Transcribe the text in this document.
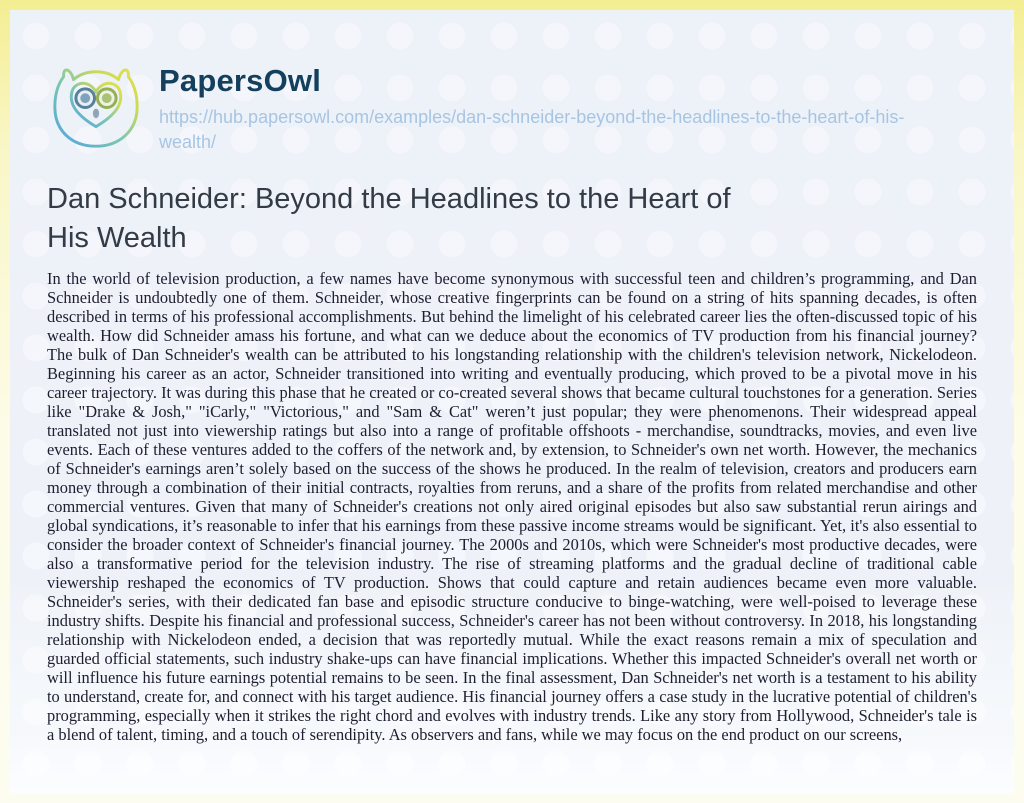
PapersOwl
https://hub.papersowl.com/examples/dan-schneider-beyond-the-headlines-to-the-heart-of-his-wealth/
Dan Schneider: Beyond the Headlines to the Heart of His Wealth

In the world of television production, a few names have become synonymous with successful teen and children’s programming, and Dan Schneider is undoubtedly one of them. Schneider, whose creative fingerprints can be found on a string of hits spanning decades, is often described in terms of his professional accomplishments. But behind the limelight of his celebrated career lies the often-discussed topic of his wealth. How did Schneider amass his fortune, and what can we deduce about the economics of TV production from his financial journey? The bulk of Dan Schneider's wealth can be attributed to his longstanding relationship with the children's television network, Nickelodeon. Beginning his career as an actor, Schneider transitioned into writing and eventually producing, which proved to be a pivotal move in his career trajectory. It was during this phase that he created or co-created several shows that became cultural touchstones for a generation. Series like "Drake & Josh," "iCarly," "Victorious," and "Sam & Cat" weren’t just popular; they were phenomenons. Their widespread appeal translated not just into viewership ratings but also into a range of profitable offshoots - merchandise, soundtracks, movies, and even live events. Each of these ventures added to the coffers of the network and, by extension, to Schneider's own net worth. However, the mechanics of Schneider's earnings aren’t solely based on the success of the shows he produced. In the realm of television, creators and producers earn money through a combination of their initial contracts, royalties from reruns, and a share of the profits from related merchandise and other commercial ventures. Given that many of Schneider's creations not only aired original episodes but also saw substantial rerun airings and global syndications, it’s reasonable to infer that his earnings from these passive income streams would be significant. Yet, it's also essential to consider the broader context of Schneider's financial journey. The 2000s and 2010s, which were Schneider's most productive decades, were also a transformative period for the television industry. The rise of streaming platforms and the gradual decline of traditional cable viewership reshaped the economics of TV production. Shows that could capture and retain audiences became even more valuable. Schneider's series, with their dedicated fan base and episodic structure conducive to binge-watching, were well-poised to leverage these industry shifts. Despite his financial and professional success, Schneider's career has not been without controversy. In 2018, his longstanding relationship with Nickelodeon ended, a decision that was reportedly mutual. While the exact reasons remain a mix of speculation and guarded official statements, such industry shake-ups can have financial implications. Whether this impacted Schneider's overall net worth or will influence his future earnings potential remains to be seen. In the final assessment, Dan Schneider's net worth is a testament to his ability to understand, create for, and connect with his target audience. His financial journey offers a case study in the lucrative potential of children's programming, especially when it strikes the right chord and evolves with industry trends. Like any story from Hollywood, Schneider's tale is a blend of talent, timing, and a touch of serendipity. As observers and fans, while we may focus on the end product on our screens,
